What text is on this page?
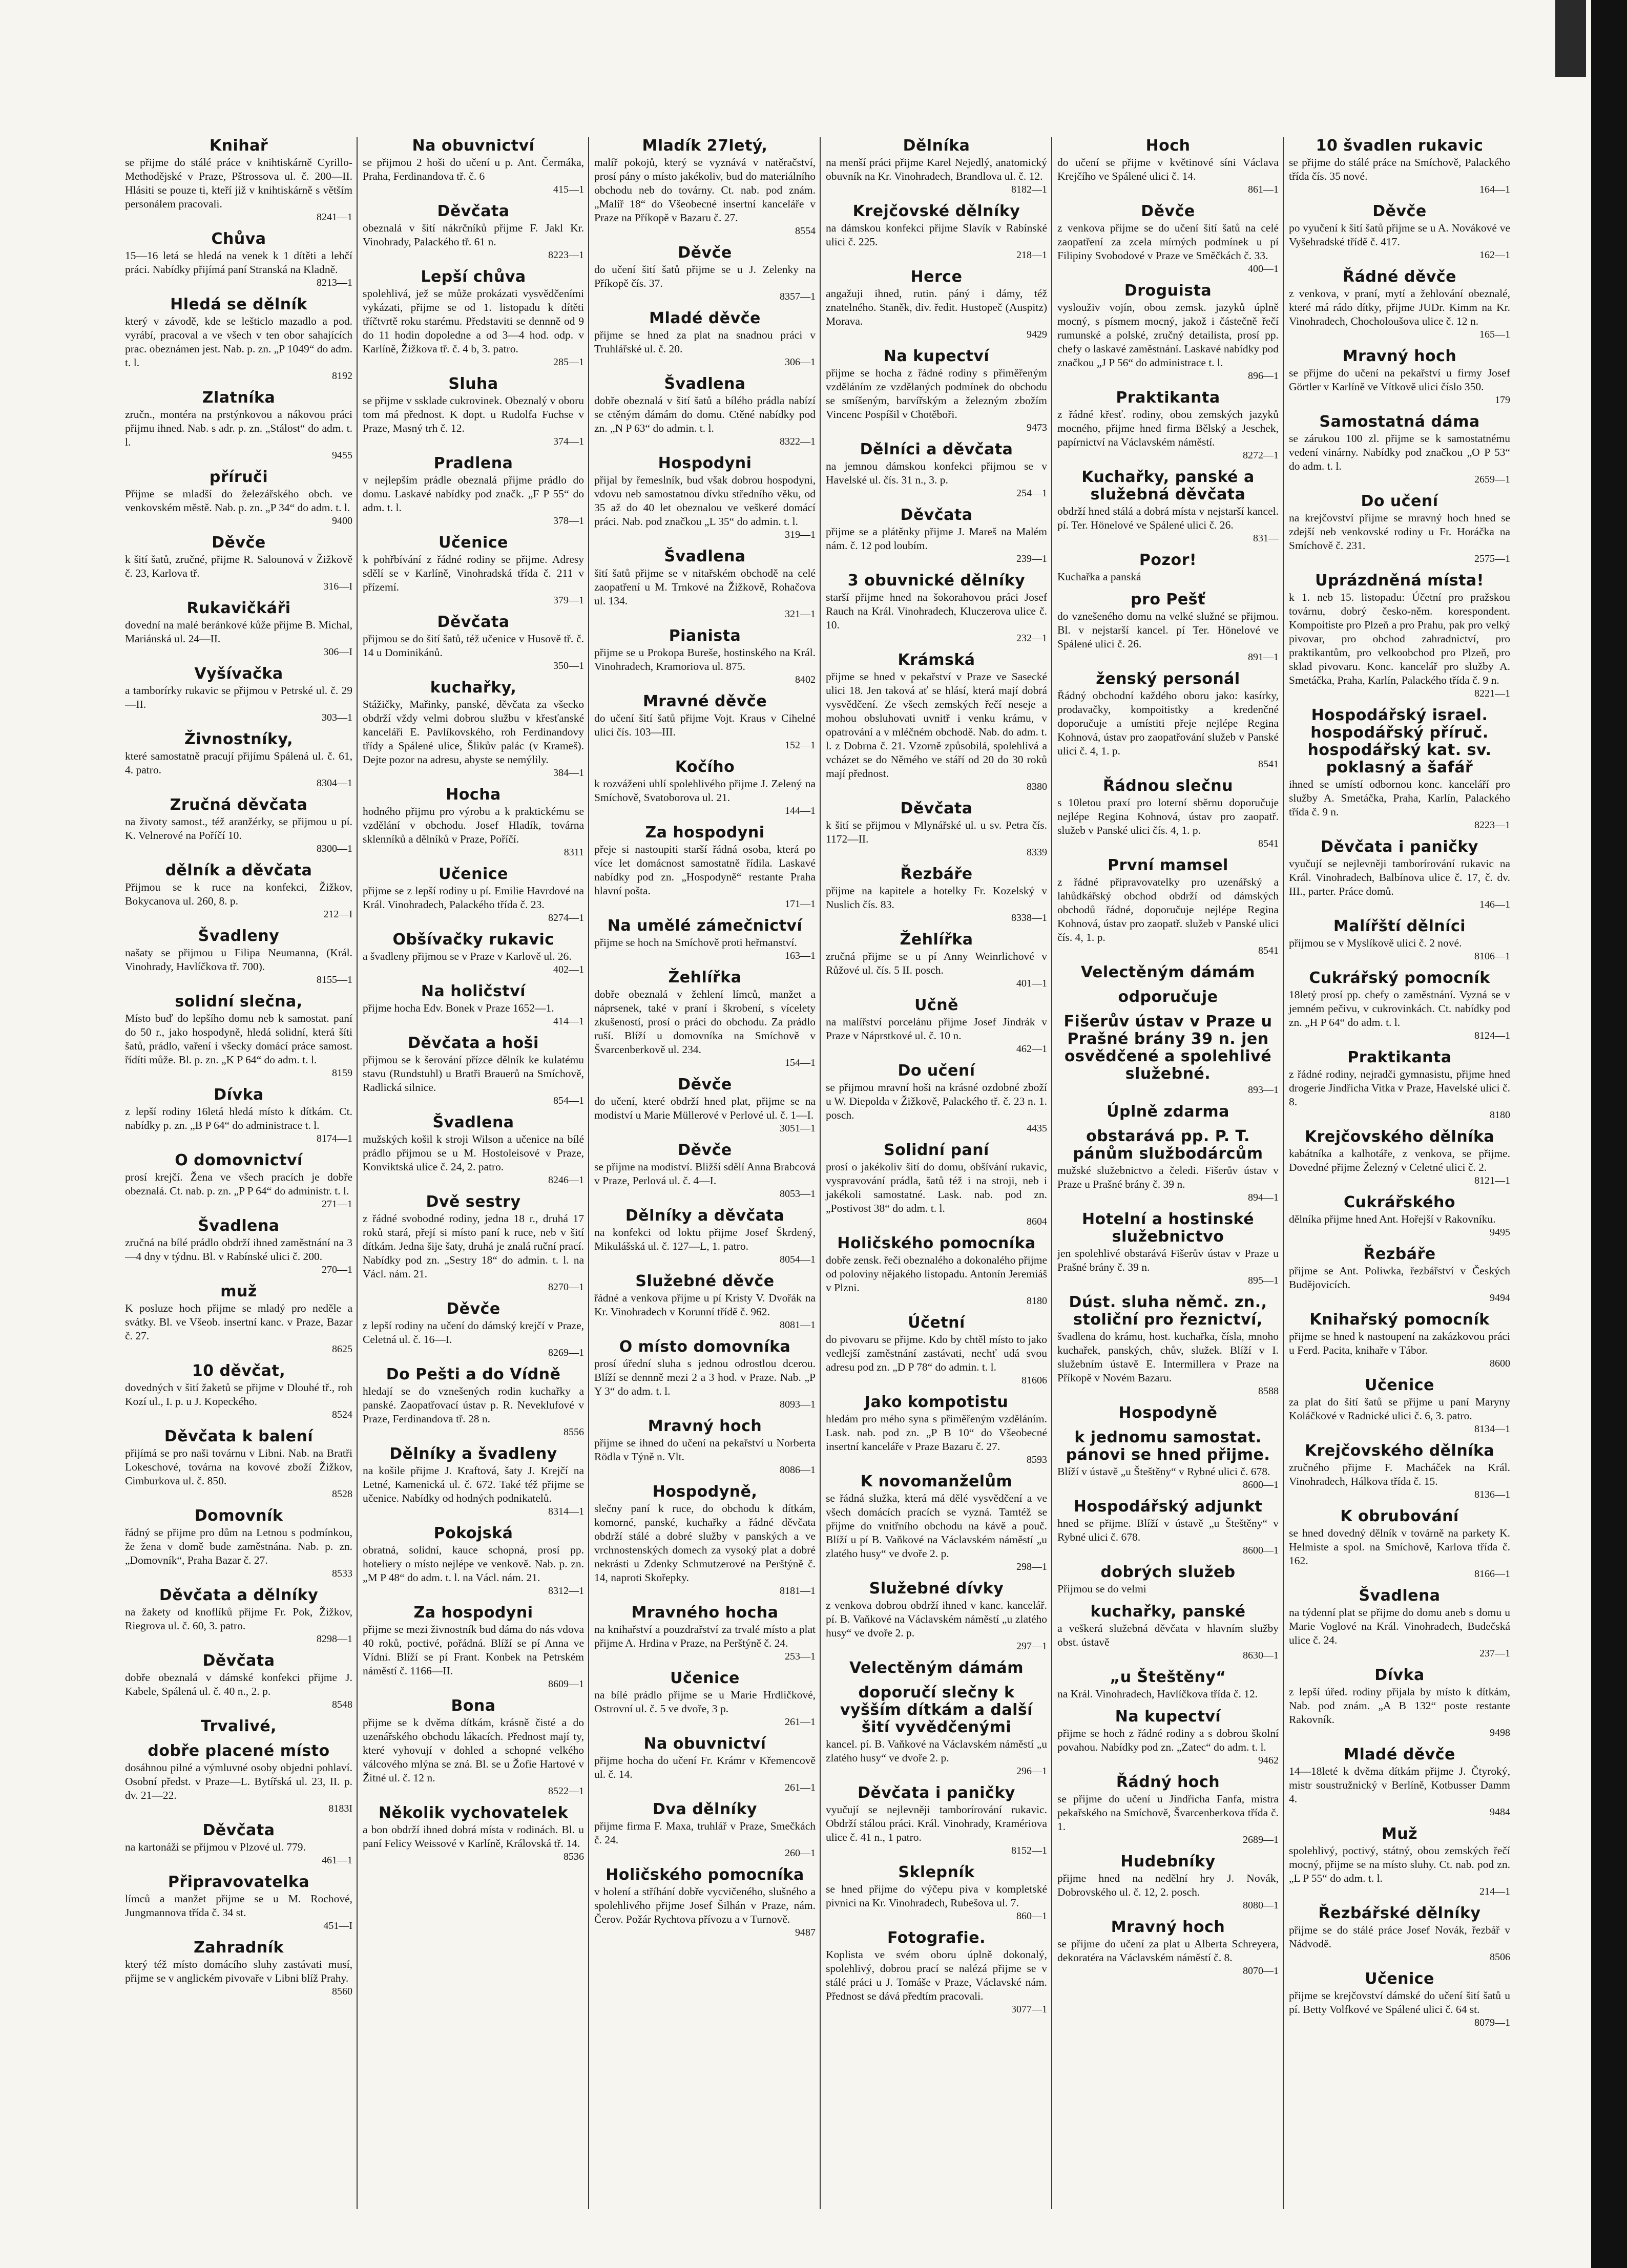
Knihař

se přijme do stálé práce v knihtiskárně Cyrillo-Methodějské v Praze, Pštrossova ul. č. 200—II. Hlásiti se pouze ti, kteří již v knihtiskárně s větším personálem pracovali.

8241—1

Chůva

15—16 letá se hledá na venek k 1 dítěti a lehčí práci. Nabídky přijímá paní Stranská na Kladně.

8213—1

Hledá se dělník

který v závodě, kde se lešticlo mazadlo a pod. vyrábí, pracoval a ve všech v ten obor sahajících prac. obeznámen jest. Nab. p. zn. „P 1049“ do adm. t. l.

8192

Zlatníka

zručn., montéra na prstýnkovou a nákovou práci přijmu ihned. Nab. s adr. p. zn. „Stálost“ do adm. t. l.

9455

příruči

Přijme se mladší do železářského obch. ve venkovském městě. Nab. p. zn. „P 34“ do adm. t. l.

9400

Děvče

k šití šatů, zručné, přijme R. Salounová v Žižkově č. 23, Karlova tř.

316—I

Rukavičkáři

dovední na malé beránkové kůže přijme B. Michal, Mariánská ul. 24—II.

306—I

Vyšívačka

a tamborírky rukavic se přijmou v Petrské ul. č. 29—II.

303—1

Živnostníky,

které samostatně pracují přijímu Spálená ul. č. 61, 4. patro.

8304—1

Zručná děvčata

na životy samost., též aranžérky, se přijmou u pí. K. Velnerové na Poříčí 10.

8300—1

dělník a děvčata

Přijmou se k ruce na konfekci, Žižkov, Bokycanova ul. 260, 8. p.

212—I

Švadleny

našaty se přijmou u Filipa Neumanna, (Král. Vinohrady, Havlíčkova tř. 700).

8155—1

solidní slečna,

Místo buď do lepšího domu neb k samostat. paní do 50 r., jako hospodyně, hledá solidní, která šíti šatů, prádlo, vaření i všecky domácí práce samost. řídíti může. Bl. p. zn. „K P 64“ do adm. t. l.

8159

Dívka

z lepší rodiny 16letá hledá místo k dítkám. Ct. nabídky p. zn. „B P 64“ do administrace t. l.

8174—1

O domovnictví

prosí krejčí. Žena ve všech pracích je dobře obeznalá. Ct. nab. p. zn. „P P 64“ do administr. t. l.

271—1

Švadlena

zručná na bílé prádlo obdrží ihned zaměstnání na 3—4 dny v týdnu. Bl. v Rabínské ulici č. 200.

270—1

muž

K posluze hoch přijme se mladý pro neděle a svátky. Bl. ve Všeob. insertní kanc. v Praze, Bazar č. 27.

8625

10 děvčat,

dovedných v šití žaketů se přijme v Dlouhé tř., roh Kozí ul., I. p. u J. Kopeckého.

8524

Děvčata k balení

přijímá se pro naši továrnu v Libni. Nab. na Bratři Lokeschové, továrna na kovové zboží Žižkov, Cimburkova ul. č. 850.

8528

Domovník

řádný se přijme pro dům na Letnou s podmínkou, že žena v domě bude zaměstnána. Nab. p. zn. „Domovník“, Praha Bazar č. 27.

8533

Děvčata a dělníky

na žakety od knoflíků přijme Fr. Pok, Žižkov, Riegrova ul. č. 60, 3. patro.

8298—1

Děvčata

dobře obeznalá v dámské konfekci přijme J. Kabele, Spálená ul. č. 40 n., 2. p.

8548

Trvalivé,
dobře placené místo

dosáhnou pilné a výmluvné osoby objedni pohlaví. Osobní předst. v Praze—L. Bytířská ul. 23, II. p. dv. 21—22.

8183I

Děvčata

na kartonáži se přijmou v Plzové ul. 779.

461—1

Připravovatelka

límců a manžet přijme se u M. Rochové, Jungmannova třída č. 34 st.

451—I

Zahradník

který též místo domácího sluhy zastávati musí, přijme se v anglickém pivovaře v Libni blíž Prahy.

8560

Na obuvnictví

se přijmou 2 hoši do učení u p. Ant. Čermáka, Praha, Ferdinandova tř. č. 6

415—1

Děvčata

obeznalá v šití nákrčníků přijme F. Jakl Kr. Vinohrady, Palackého tř. 61 n.

8223—1

Lepší chůva

spolehlivá, jež se může prokázati vysvědčeními vykázati, přijme se od 1. listopadu k dítěti tříčtvrtě roku starému. Představiti se dennně od 9 do 11 hodin dopoledne a od 3—4 hod. odp. v Karlíně, Žižkova tř. č. 4 b, 3. patro.

285—1

Sluha

se přijme v ssklade cukrovinek. Obeznalý v oboru tom má přednost. K dopt. u Rudolfa Fuchse v Praze, Masný trh č. 12.

374—1

Pradlena

v nejlepším prádle obeznalá přijme prádlo do domu. Laskavé nabídky pod značk. „F P 55“ do adm. t. l.

378—1

Učenice

k pohřbívání z řádné rodiny se přijme. Adresy sdělí se v Karlíně, Vinohradská třída č. 211 v přízemí.

379—1

Děvčata

přijmou se do šití šatů, též učenice v Husově tř. č. 14 u Dominikánů.

350—1

kuchařky,

Stážičky, Mařinky, panské, děvčata za všecko obdrží vždy velmi dobrou službu v křesťanské kanceláři E. Pavlíkovského, roh Ferdinandovy třídy a Spálené ulice, Šlikův palác (v Krameš). Dejte pozor na adresu, abyste se nemýlily.

384—1

Hocha

hodného přijmu pro výrobu a k praktickému se vzdělání v obchodu. Josef Hladík, továrna sklenníků a dělníků v Praze, Poříčí.

8311

Učenice

přijme se z lepší rodiny u pí. Emilie Havrdové na Král. Vinohradech, Palackého třída č. 23.

8274—1

Obšívačky rukavic

a švadleny přijmou se v Praze v Karlově ul. 26.

402—1

Na holičství

přijme hocha Edv. Bonek v Praze 1652—1.

414—1

Děvčata a hoši

přijmou se k šerování přízce dělník ke kulatému stavu (Rundstuhl) u Bratři Brauerů na Smíchově, Radlická silnice.

854—1

Švadlena

mužských košil k stroji Wilson a učenice na bílé prádlo přijmou se u M. Hostoleisové v Praze, Konviktská ulice č. 24, 2. patro.

8246—1

Dvě sestry

z řádné svobodné rodiny, jedna 18 r., druhá 17 roků stará, přejí si místo paní k ruce, neb v šití dítkám. Jedna šije šaty, druhá je znalá ruční prací. Nabídky pod zn. „Sestry 18“ do admin. t. l. na Václ. nám. 21.

8270—1

Děvče

z lepší rodiny na učení do dámský krejčí v Praze, Celetná ul. č. 16—I.

8269—1

Do Pešti a do Vídně

hledají se do vznešených rodin kuchařky a panské. Zaopatřovací ústav p. R. Neveklufové v Praze, Ferdinandova tř. 28 n.

8556

Dělníky a švadleny

na košile přijme J. Kraftová, šaty J. Krejčí na Letné, Kamenická ul. č. 672. Také též přijme se učenice. Nabídky od hodných podnikatelů.

8314—1

Pokojská

obratná, solidní, kauce schopná, prosí pp. hoteliery o místo nejlépe ve venkově. Nab. p. zn. „M P 48“ do adm. t. l. na Václ. nám. 21.

8312—1

Za hospodyni

přijme se mezi živnostník bud dáma do nás vdova 40 roků, poctivé, pořádná. Blíží se pí Anna ve Vídni. Blíží se pí Frant. Konbek na Petrském náměstí č. 1166—II.

8609—1

Bona

přijme se k dvěma dítkám, krásně čisté a do uzenářského obchodu lákacích. Přednost mají ty, které vyhovují v dohled a schopné velkého válcového mlýna se zná. Bl. se u Žofie Hartové v Žitné ul. č. 12 n.

8522—1

Několik vychovatelek

a bon obdrží ihned dobrá místa v rodinách. Bl. u paní Felicy Weissové v Karlíně, Královská tř. 14.

8536

Mladík 27letý,

malíř pokojů, který se vyznává v natěračství, prosí pány o místo jakékoliv, bud do materiálního obchodu neb do továrny. Ct. nab. pod znám. „Malíř 18“ do Všeobecné insertní kanceláře v Praze na Příkopě v Bazaru č. 27.

8554

Děvče

do učení šití šatů přijme se u J. Zelenky na Příkopě čís. 37.

8357—1

Mladé děvče

přijme se hned za plat na snadnou práci v Truhlářské ul. č. 20.

306—1

Švadlena

dobře obeznalá v šití šatů a bílého prádla nabízí se ctěným dámám do domu. Ctěné nabídky pod zn. „N P 63“ do admin. t. l.

8322—1

Hospodyni

přijal by řemeslník, bud však dobrou hospodyni, vdovu neb samostatnou dívku středního věku, od 35 až do 40 let obeznalou ve veškeré domácí práci. Nab. pod značkou „L 35“ do admin. t. l.

319—1

Švadlena

šití šatů přijme se v nitařském obchodě na celé zaopatření u M. Trnkové na Žižkově, Rohačova ul. 134.

321—1

Pianista

přijme se u Prokopa Bureše, hostinského na Král. Vinohradech, Kramoriova ul. 875.

8402

Mravné děvče

do učení šití šatů přijme Vojt. Kraus v Cihelné ulici čís. 103—III.

152—1

Kočího

k rozváženi uhlí spolehlivého přijme J. Zelený na Smíchově, Svatoborova ul. 21.

144—1

Za hospodyni

přeje si nastoupiti starší řádná osoba, která po více let domácnost samostatně řídila. Laskavé nabídky pod zn. „Hospodyně“ restante Praha hlavní pošta.

171—1

Na umělé zámečnictví

přijme se hoch na Smíchově proti heřmanství.

163—1

Žehlířka

dobře obeznalá v žehlení límců, manžet a náprsenek, také v praní i škrobení, s vícelety zkušeností, prosí o práci do obchodu. Za prádlo ruší. Blíží u domovníka na Smíchově v Švarcenberkově ul. 234.

154—1

Děvče

do učení, které obdrží hned plat, přijme se na modiství u Marie Müllerové v Perlové ul. č. 1—I.

3051—1

Děvče

se přijme na modiství. Bližší sdělí Anna Brabcová v Praze, Perlová ul. č. 4—I.

8053—1

Dělníky a děvčata

na konfekci od loktu přijme Josef Škrdený, Mikulášská ul. č. 127—L, 1. patro.

8054—1

Služebné děvče

řádné a venkova přijme u pí Kristy V. Dvořák na Kr. Vinohradech v Korunní třídě č. 962.

8081—1

O místo domovníka

prosí úřední sluha s jednou odrostlou dcerou. Blíží se dennně mezi 2 a 3 hod. v Praze. Nab. „P Y 3“ do adm. t. l.

8093—1

Mravný hoch

přijme se ihned do učení na pekařství u Norberta Rödla v Týně n. Vlt.

8086—1

Hospodyně,

slečny paní k ruce, do obchodu k dítkám, komorné, panské, kuchařky a řádné děvčata obdrží stálé a dobré služby v panských a ve vrchnostenských domech za vysoký plat a dobré nekrásti u Zdenky Schmutzerové na Perštýně č. 14, naproti Skořepky.

8181—1

Mravného hocha

na knihařství a pouzdrařství za trvalé místo a plat přijme A. Hrdina v Praze, na Perštýně č. 24.

253—1

Učenice

na bílé prádlo přijme se u Marie Hrdličkové, Ostrovní ul. č. 5 ve dvoře, 3 p.

261—1

Na obuvnictví

přijme hocha do učení Fr. Krámr v Křemencově ul. č. 14.

261—1

Dva dělníky

přijme firma F. Maxa, truhlář v Praze, Smečkách č. 24.

260—1

Holičského pomocníka

v holení a stříhání dobře vycvičeného, slušného a spolehlivého přijme Josef Šilhán v Praze, nám. Čerov. Požár Rychtova přívozu a v Turnově.

9487

Dělníka

na menší práci přijme Karel Nejedlý, anatomický obuvník na Kr. Vinohradech, Brandlova ul. č. 12.

8182—1

Krejčovské dělníky

na dámskou konfekci přijme Slavík v Rabínské ulici č. 225.

218—1

Herce

angažuji ihned, rutin. páný i dámy, též znatelného. Staněk, div. ředit. Hustopeč (Auspitz) Morava.

9429

Na kupectví

přijme se hocha z řádné rodiny s přiměřeným vzděláním ze vzdělaných podmínek do obchodu se smíšeným, barvířským a železným zbožím Vincenc Pospíšil v Chotěboři.

9473

Dělníci a děvčata

na jemnou dámskou konfekci přijmou se v Havelské ul. čís. 31 n., 3. p.

254—1

Děvčata

přijme se a plátěnky přijme J. Mareš na Malém nám. č. 12 pod loubím.

239—1

3 obuvnické dělníky

starší přijme hned na šokorahovou práci Josef Rauch na Král. Vinohradech, Kluczerova ulice č. 10.

232—1

Krámská

přijme se hned v pekařství v Praze ve Sasecké ulici 18. Jen taková ať se hlásí, která mají dobrá vysvědčení. Ze všech zemských řečí neseje a mohou obsluhovati uvnitř i venku krámu, v opatrování a v mléčném obchodě. Nab. do adm. t. l. z Dobrna č. 21. Vzorně způsobilá, spolehlivá a vcházet se do Němého ve stáří od 20 do 30 roků mají přednost.

8380

Děvčata

k šití se přijmou v Mlynářské ul. u sv. Petra čís. 1172—II.

8339

Řezbáře

přijme na kapitele a hotelky Fr. Kozelský v Nuslich čís. 83.

8338—1

Žehlířka

zručná přijme se u pí Anny Weinrlichové v Růžové ul. čís. 5 II. posch.

401—1

Učně

na malířství porcelánu přijme Josef Jindrák v Praze v Náprstkové ul. č. 10 n.

462—1

Do učení

se přijmou mravní hoši na krásné ozdobné zboží u W. Diepolda v Žižkově, Palackého tř. č. 23 n. 1. posch.

4435

Solidní paní

prosí o jakékoliv šití do domu, obšívání rukavic, vyspravování prádla, šatů též i na stroji, neb i jakékoli samostatné. Lask. nab. pod zn. „Postivost 38“ do adm. t. l.

8604

Holičského pomocníka

dobře zensk. řeči obeznalého a dokonalého přijme od poloviny nějakého listopadu. Antonín Jeremiáš v Plzni.

8180

Účetní

do pivovaru se přijme. Kdo by chtěl místo to jako vedlejší zaměstnání zastávati, nechť udá svou adresu pod zn. „D P 78“ do admin. t. l.

81606

Jako kompotistu

hledám pro mého syna s přiměřeným vzděláním. Lask. nab. pod zn. „P B 10“ do Všeobecné insertní kanceláře v Praze Bazaru č. 27.

8593

K novomanželům

se řádná služka, která má dělé vysvědčení a ve všech domácích pracích se vyzná. Tamtéž se přijme do vnitřního obchodu na kávě a pouč. Blíží u pí B. Vaňkové na Václavském náměstí „u zlatého husy“ ve dvoře 2. p.

298—1

Služebné dívky

z venkova dobrou obdrží ihned v kanc. kancelář. pí. B. Vaňkové na Václavském náměstí „u zlatého husy“ ve dvoře 2. p.

297—1

Velectěným dámám
doporučí slečny k vyšším dítkám a další šití vyvědčenými

kancel. pí. B. Vaňkové na Václavském náměstí „u zlatého husy“ ve dvoře 2. p.

296—1

Děvčata i paničky

vyučují se nejlevněji tamborírování rukavic. Obdrží stálou práci. Král. Vinohrady, Kramériova ulice č. 41 n., 1 patro.

8152—1

Sklepník

se hned přijme do výčepu piva v kompletské pivnici na Kr. Vinohradech, Rubešova ul. 7.

860—1

Fotografie.

Koplista ve svém oboru úplně dokonalý, spolehlivý, dobrou prací se nalézá přijme se v stálé práci u J. Tomáše v Praze, Václavské nám. Přednost se dává předtím pracovali.

3077—1

Hoch

do učení se přijme v květinové síni Václava Krejčího ve Spálené ulici č. 14.

861—1

Děvče

z venkova přijme se do učení šití šatů na celé zaopatření za zcela mírných podmínek u pí Filipiny Svobodové v Praze ve Směčkách č. 33.

400—1

Droguista

vyslouživ vojín, obou zemsk. jazyků úplně mocný, s písmem mocný, jakož i částečně řečí rumunské a polské, zručný detailista, prosí pp. chefy o laskavé zaměstnání. Laskavé nabídky pod značkou „J P 56“ do administrace t. l.

896—1

Praktikanta

z řádné křesť. rodiny, obou zemských jazyků mocného, přijme hned firma Bělský a Jeschek, papírnictví na Václavském náměstí.

8272—1

Kuchařky, panské a služebná děvčata

obdrží hned stálá a dobrá místa v nejstarší kancel. pí. Ter. Hönelové ve Spálené ulici č. 26.

831—

Pozor!

Kuchařka a panská

pro Pešť

do vznešeného domu na velké služné se přijmou. Bl. v nejstarší kancel. pí Ter. Hönelové ve Spálené ulici č. 26.

891—1

ženský personál

Řádný obchodní každého oboru jako: kasírky, prodavačky, kompoitistky a kredenčné doporučuje a umístiti přeje nejlépe Regina Kohnová, ústav pro zaopatřování služeb v Panské ulici č. 4, 1. p.

8541

Řádnou slečnu

s 10letou praxí pro loterní sběrnu doporučuje nejlépe Regina Kohnová, ústav pro zaopatř. služeb v Panské ulici čís. 4, 1. p.

8541

První mamsel

z řádné připravovatelky pro uzenářský a lahůdkářský obchod obdrží od dámských obchodů řádné, doporučuje nejlépe Regina Kohnová, ústav pro zaopatř. služeb v Panské ulici čís. 4, 1. p.

8541

Velectěným dámám
odporučuje
Fišerův ústav v Praze u Prašné brány 39 n. jen osvědčené a spolehlivé služebné.

893—1

Úplně zdarma
obstarává pp. P. T. pánům službodárcům

mužské služebnictvo a čeledi. Fišerův ústav v Praze u Prašné brány č. 39 n.

894—1

Hotelní a hostinské služebnictvo

jen spolehlivé obstarává Fišerův ústav v Praze u Prašné brány č. 39 n.

895—1

Dúst. sluha němč. zn., stoliční pro řeznictví,

švadlena do krámu, host. kuchařka, čísla, mnoho kuchařek, panských, chův, služek. Blíží v I. služebním ústavě E. Intermillera v Praze na Příkopě v Novém Bazaru.

8588

Hospodyně
k jednomu samostat. pánovi se hned přijme.

Blíží v ústavě „u Šteštěny“ v Rybné ulici č. 678.

8600—1

Hospodářský adjunkt

hned se přijme. Blíží v ústavě „u Šteštěny“ v Rybné ulici č. 678.

8600—1

dobrých služeb

Přijmou se do velmi

kuchařky, panské

a veškerá služebná děvčata v hlavním služby obst. ústavě

8630—1

„u Šteštěny“

na Král. Vinohradech, Havlíčkova třída č. 12.

Na kupectví

přijme se hoch z řádné rodiny a s dobrou školní povahou. Nabídky pod zn. „Zatec“ do adm. t. l.

9462

Řádný hoch

se přijme do učení u Jindřicha Fanfa, mistra pekařského na Smíchově, Švarcenberkova třída č. 1.

2689—1

Hudebníky

přijme hned na nedělní hry J. Novák, Dobrovského ul. č. 12, 2. posch.

8080—1

Mravný hoch

se přijme do učení za plat u Alberta Schreyera, dekoratéra na Václavském náměstí č. 8.

8070—1

10 švadlen rukavic

se přijme do stálé práce na Smíchově, Palackého třída čís. 35 nové.

164—1

Děvče

po vyučení k šití šatů přijme se u A. Novákové ve Vyšehradské třídě č. 417.

162—1

Řádné děvče

z venkova, v praní, mytí a žehlování obeznalé, které má rádo dítky, přijme JUDr. Kimm na Kr. Vinohradech, Chocholoušova ulice č. 12 n.

165—1

Mravný hoch

se přijme do učení na pekařství u firmy Josef Görtler v Karlíně ve Vítkově ulici číslo 350.

179

Samostatná dáma

se zárukou 100 zl. přijme se k samostatnému vedení vinárny. Nabídky pod značkou „O P 53“ do adm. t. l.

2659—1

Do učení

na krejčovství přijme se mravný hoch hned se zdejší neb venkovské rodiny u Fr. Horáčka na Smíchově č. 231.

2575—1

Uprázdněná místa!

k 1. neb 15. listopadu: Účetní pro pražskou továrnu, dobrý česko-něm. korespondent. Kompoitiste pro Plzeň a pro Prahu, pak pro velký pivovar, pro obchod zahradnictví, pro praktikantům, pro velkoobchod pro Plzeň, pro sklad pivovaru. Konc. kancelář pro služby A. Smetáčka, Praha, Karlín, Palackého třída č. 9 n.

8221—1

Hospodářský israel. hospodářský příruč. hospodářský kat. sv. poklasný a šafář

ihned se umístí odbornou konc. kanceláří pro služby A. Smetáčka, Praha, Karlín, Palackého třída č. 9 n.

8223—1

Děvčata i paničky

vyučují se nejlevněji tamborírování rukavic na Král. Vinohradech, Balbínova ulice č. 17, č. dv. III., parter. Práce domů.

146—1

Malířští dělníci

přijmou se v Myslíkově ulici č. 2 nové.

8106—1

Cukrářský pomocník

18letý prosí pp. chefy o zaměstnání. Vyzná se v jemném pečivu, v cukrovinkách. Ct. nabídky pod zn. „H P 64“ do adm. t. l.

8124—1

Praktikanta

z řádné rodiny, nejradči gymnasistu, přijme hned drogerie Jindřicha Vitka v Praze, Havelské ulici č. 8.

8180

Krejčovského dělníka

kabátníka a kalhotáře, z venkova, se přijme. Dovedné přijme Železný v Celetné ulici č. 2.

8121—1

Cukrářského

dělníka přijme hned Ant. Hořejší v Rakovníku.

9495

Řezbáře

přijme se Ant. Poliwka, řezbářství v Českých Budějovicích.

9494

Knihařský pomocník

přijme se hned k nastoupení na zakázkovou práci u Ferd. Pacita, knihaře v Tábor.

8600

Učenice

za plat do šití šatů se přijme u paní Maryny Koláčkové v Radnické ulici č. 6, 3. patro.

8134—1

Krejčovského dělníka

zručného přijme F. Macháček na Král. Vinohradech, Hálkova třída č. 15.

8136—1

K obrubování

se hned dovedný dělník v továrně na parkety K. Helmiste a spol. na Smíchově, Karlova třída č. 162.

8166—1

Švadlena

na týdenní plat se přijme do domu aneb s domu u Marie Voglové na Král. Vinohradech, Budečská ulice č. 24.

237—1

Dívka

z lepší úřed. rodiny přijala by místo k dítkám, Nab. pod znám. „A B 132“ poste restante Rakovník.

9498

Mladé děvče

14—18leté k dvěma dítkám přijme J. Čtyroký, mistr soustružnický v Berlíně, Kotbusser Damm 4.

9484

Muž

spolehlivý, poctivý, státný, obou zemských řečí mocný, přijme se na místo sluhy. Ct. nab. pod zn. „L P 55“ do adm. t. l.

214—1

Řezbářské dělníky

přijme se do stálé práce Josef Novák, řezbář v Nádvodě.

8506

Učenice

přijme se krejčovství dámské do učení šití šatů u pí. Betty Volfkové ve Spálené ulici č. 64 st.

8079—1
